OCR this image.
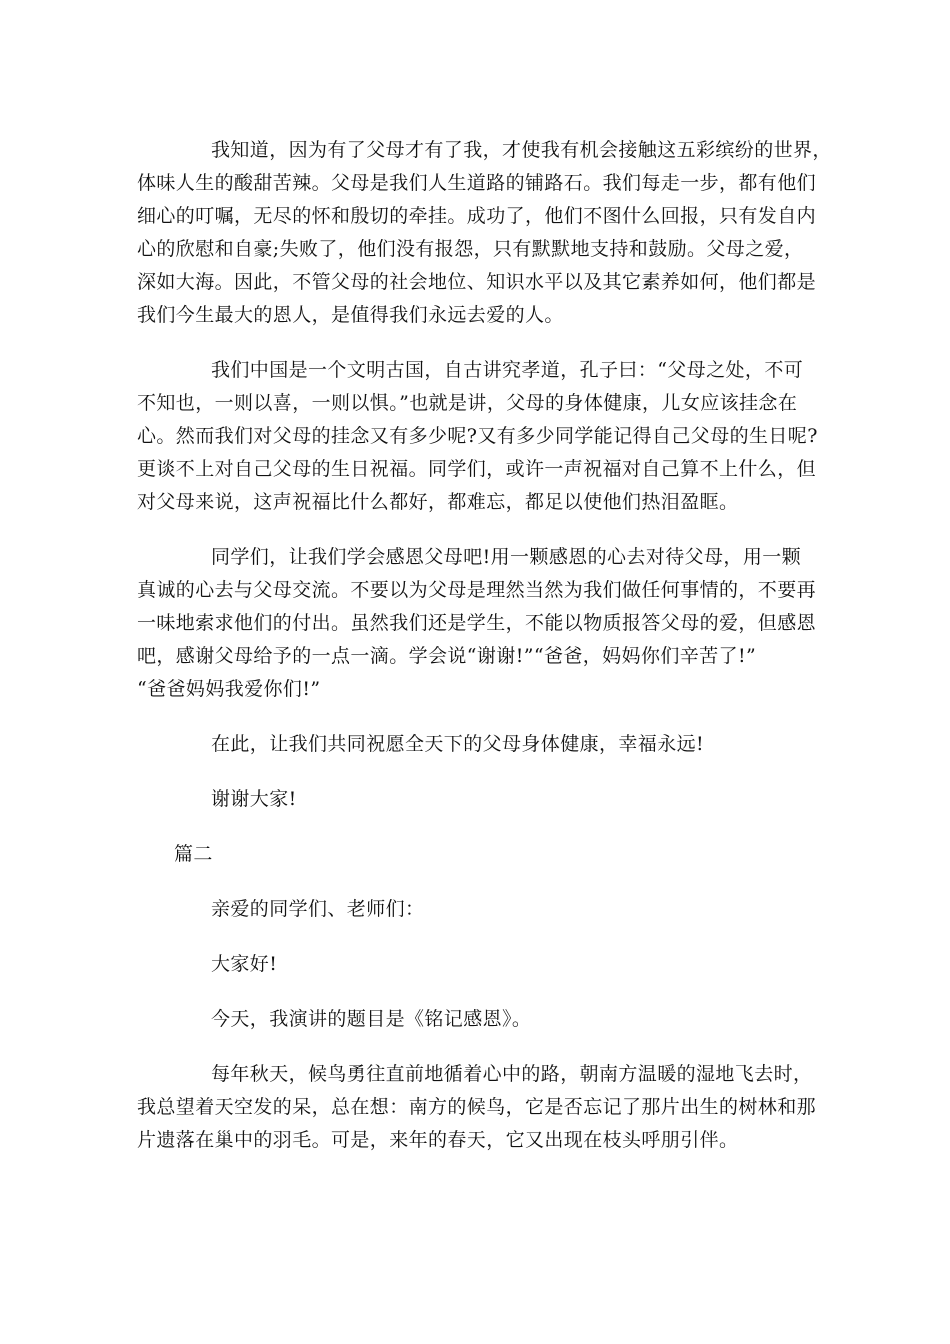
我知道，因为有了父母才有了我，才使我有机会接触这五彩缤纷的世界，
体味人生的酸甜苦辣。父母是我们人生道路的铺路石。我们每走一步，都有他们
细心的叮嘱，无尽的怀和殷切的牵挂。成功了，他们不图什么回报，只有发自内
心的欣慰和自豪;失败了，他们没有报怨，只有默默地支持和鼓励。父母之爱，
深如大海。因此，不管父母的社会地位、知识水平以及其它素养如何，他们都是
我们今生最大的恩人，是值得我们永远去爱的人。
我们中国是一个文明古国，自古讲究孝道，孔子曰：“父母之处，不可
不知也，一则以喜，一则以惧。”也就是讲，父母的身体健康，儿女应该挂念在
心。然而我们对父母的挂念又有多少呢?又有多少同学能记得自己父母的生日呢?
更谈不上对自己父母的生日祝福。同学们，或许一声祝福对自己算不上什么，但
对父母来说，这声祝福比什么都好，都难忘，都足以使他们热泪盈眶。
同学们，让我们学会感恩父母吧!用一颗感恩的心去对待父母，用一颗
真诚的心去与父母交流。不要以为父母是理然当然为我们做任何事情的，不要再
一味地索求他们的付出。虽然我们还是学生，不能以物质报答父母的爱，但感恩
吧，感谢父母给予的一点一滴。学会说“谢谢!”“爸爸，妈妈你们辛苦了!”
“爸爸妈妈我爱你们!”
在此，让我们共同祝愿全天下的父母身体健康，幸福永远!
谢谢大家!
篇二
亲爱的同学们、老师们：
大家好!
今天，我演讲的题目是《铭记感恩》。
每年秋天，候鸟勇往直前地循着心中的路，朝南方温暖的湿地飞去时，
我总望着天空发的呆，总在想：南方的候鸟，它是否忘记了那片出生的树林和那
片遗落在巢中的羽毛。可是，来年的春天，它又出现在枝头呼朋引伴。
